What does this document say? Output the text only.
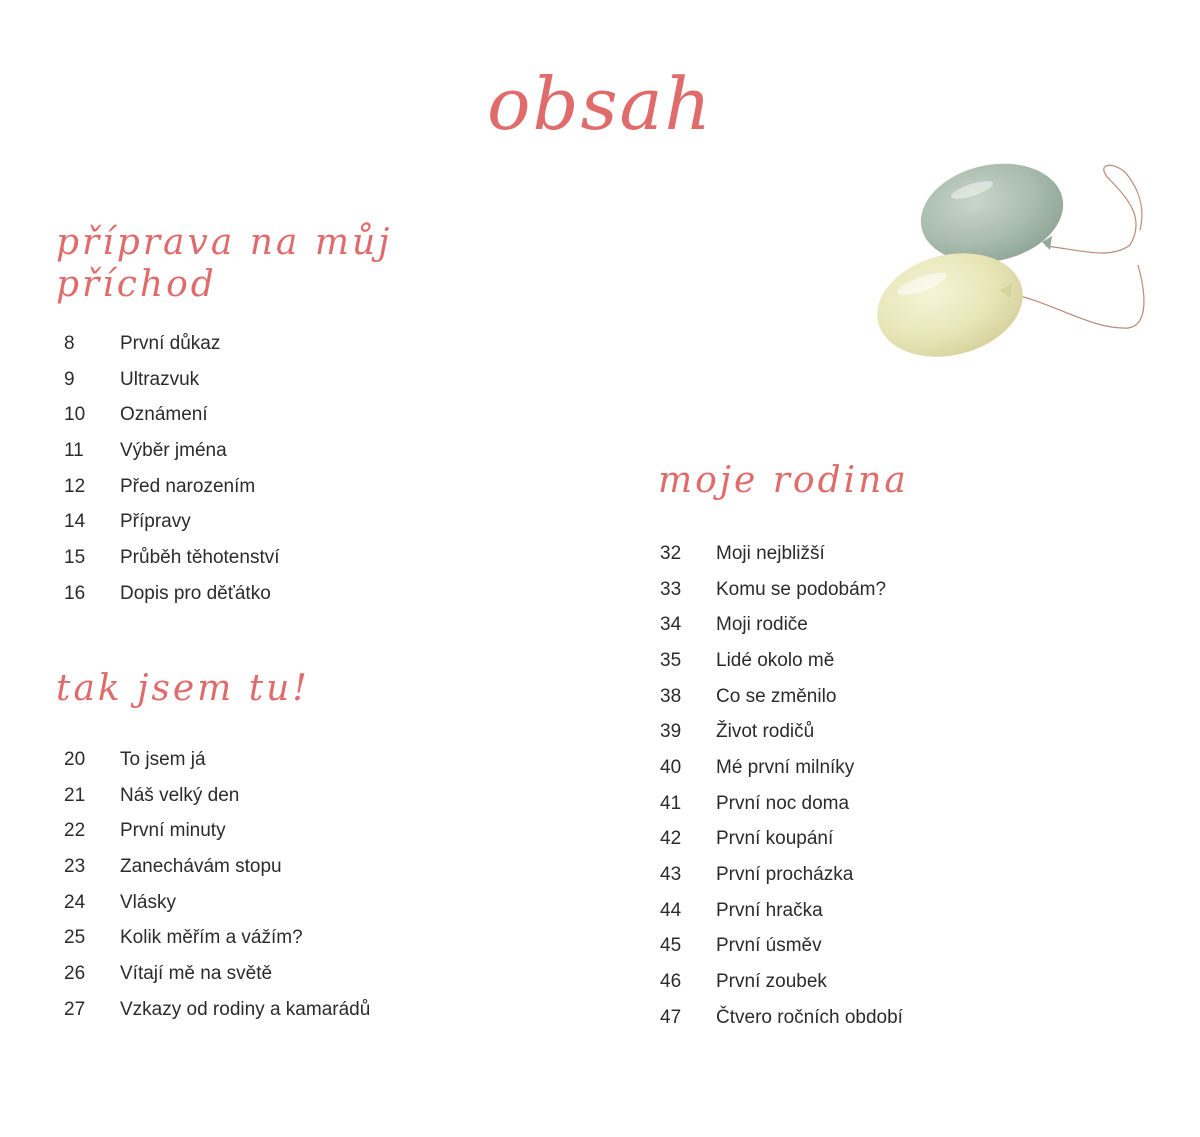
obsah
příprava na můj příchod
8	První důkaz
9	Ultrazvuk
10	Oznámení
11	Výběr jména
12	Před narozením
14	Přípravy
15	Průběh těhotenství
16	Dopis pro děťátko
tak jsem tu!
20	To jsem já
21	Náš velký den
22	První minuty
23	Zanechávám stopu
24	Vlásky
25	Kolik měřím a vážím?
26	Vítají mě na světě
27	Vzkazy od rodiny a kamarádů
moje rodina
32	Moji nejbližší
33	Komu se podobám?
34	Moji rodiče
35	Lidé okolo mě
38	Co se změnilo
39	Život rodičů
40	Mé první milníky
41	První noc doma
42	První koupání
43	První procházka
44	První hračka
45	První úsměv
46	První zoubek
47	Čtvero ročních období
